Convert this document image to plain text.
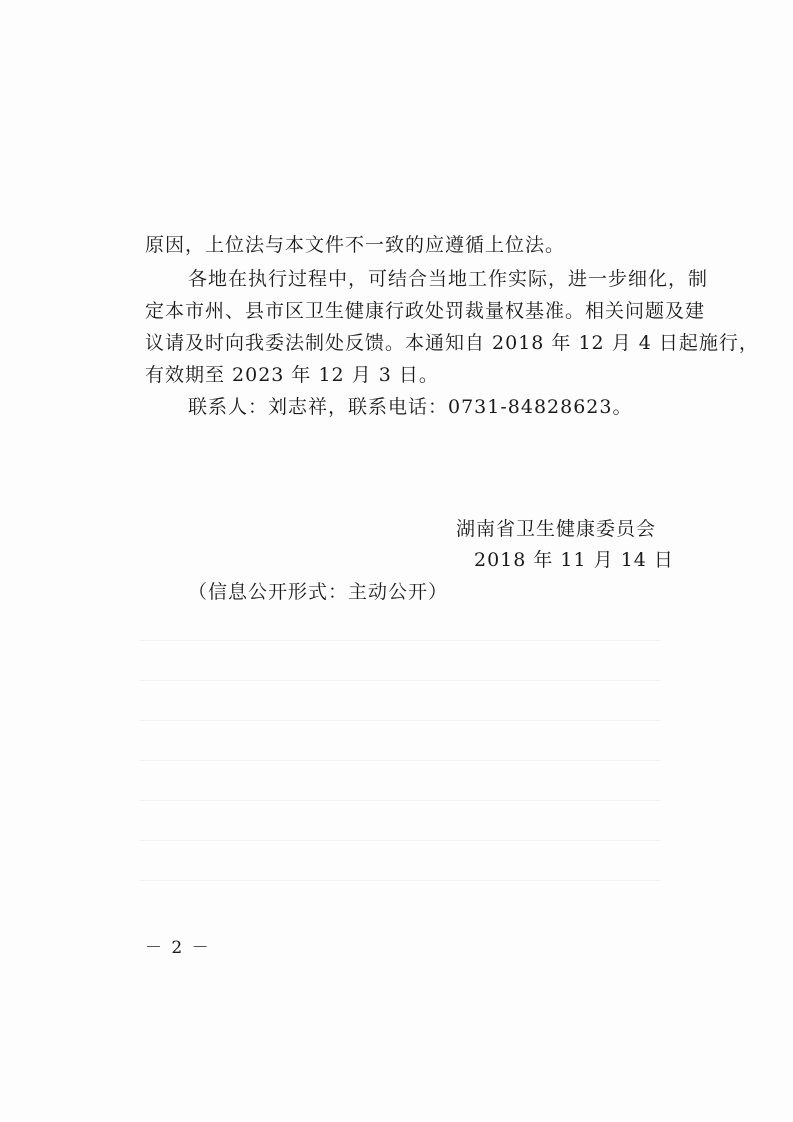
原因，上位法与本文件不一致的应遵循上位法。
各地在执行过程中，可结合当地工作实际，进一步细化，制
定本市州、县市区卫生健康行政处罚裁量权基准。相关问题及建
议请及时向我委法制处反馈。本通知自 2018 年 12 月 4 日起施行，
有效期至 2023 年 12 月 3 日。
联系人：刘志祥，联系电话：0731-84828623。
湖南省卫生健康委员会
2018 年 11 月 14 日
（信息公开形式：主动公开）
－ 2 －
